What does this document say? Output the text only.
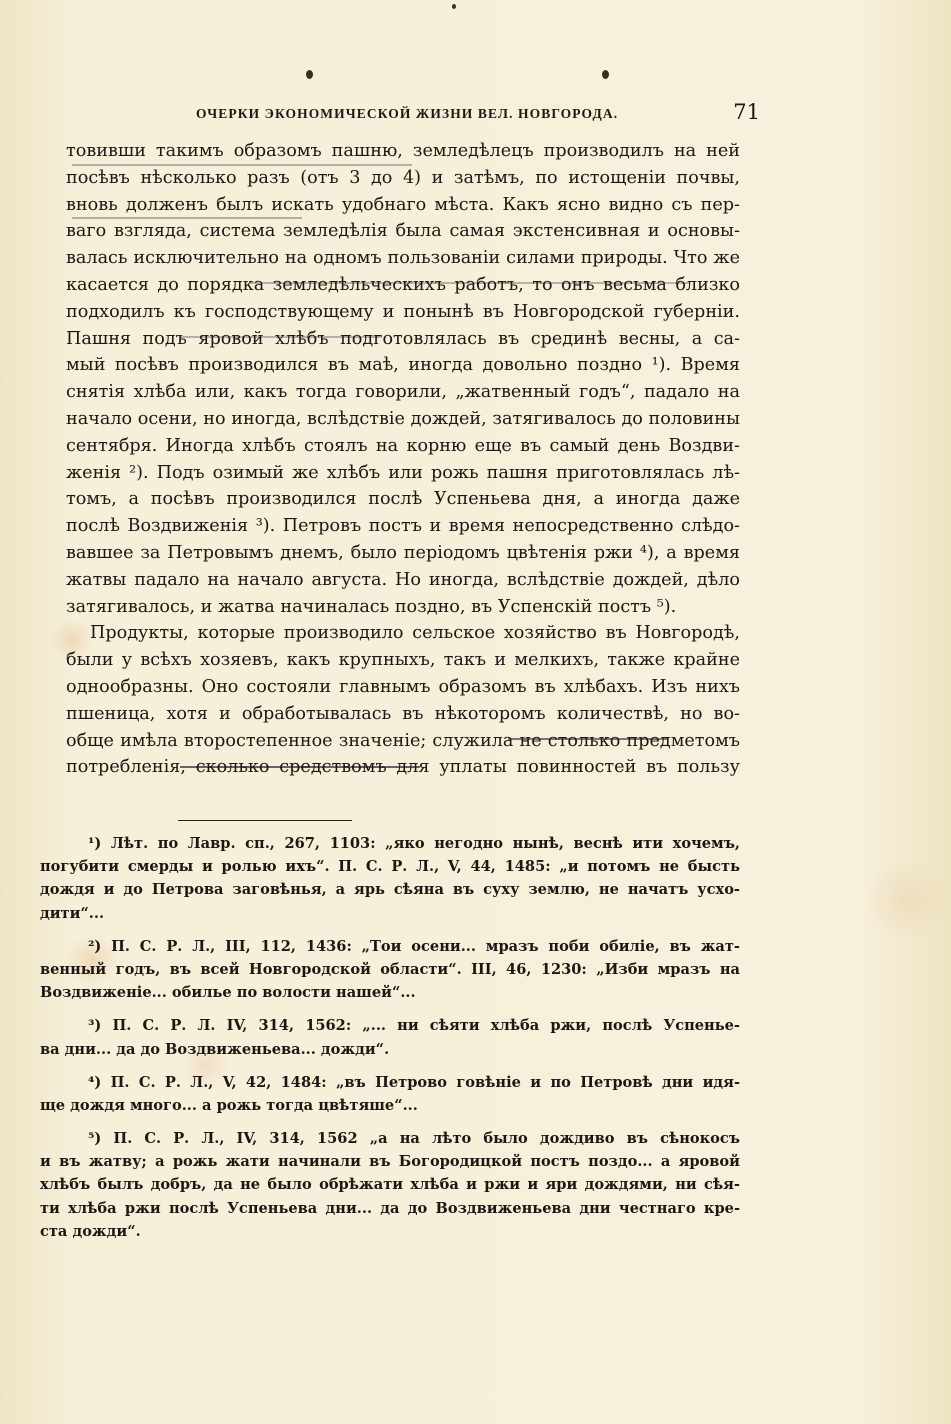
ОЧЕРКИ ЭКОНОМИЧЕСКОЙ ЖИЗНИ ВЕЛ. НОВГОРОДА.	71
товивши такимъ образомъ пашню, земледѣлецъ производилъ на ней
посѣвъ нѣсколько разъ (отъ 3 до 4) и затѣмъ, по истощеніи почвы,
вновь долженъ былъ искать удобнаго мѣста. Какъ ясно видно съ пер-
ваго взгляда, система земледѣлія была самая экстенсивная и основы-
валась исключительно на одномъ пользованіи силами природы. Что же
касается до порядка земледѣльческихъ работъ, то онъ весьма близко
подходилъ къ господствующему и понынѣ въ Новгородской губерніи.
Пашня подъ яровой хлѣбъ подготовлялась въ срединѣ весны, а са-
мый посѣвъ производился въ маѣ, иногда довольно поздно ¹). Время
снятія хлѣба или, какъ тогда говорили, „жатвенный годъ“, падало на
начало осени, но иногда, вслѣдствіе дождей, затягивалось до половины
сентября. Иногда хлѣбъ стоялъ на корню еще въ самый день Воздви-
женія ²). Подъ озимый же хлѣбъ или рожь пашня приготовлялась лѣ-
томъ, а посѣвъ производился послѣ Успеньева дня, а иногда даже
послѣ Воздвиженія ³). Петровъ постъ и время непосредственно слѣдо-
вавшее за Петровымъ днемъ, было періодомъ цвѣтенія ржи ⁴), а время
жатвы падало на начало августа. Но иногда, вслѣдствіе дождей, дѣло
затягивалось, и жатва начиналась поздно, въ Успенскій постъ ⁵).
Продукты, которые производило сельское хозяйство въ Новгородѣ,
были у всѣхъ хозяевъ, какъ крупныхъ, такъ и мелкихъ, также крайне
однообразны. Оно состояли главнымъ образомъ въ хлѣбахъ. Изъ нихъ
пшеница, хотя и обработывалась въ нѣкоторомъ количествѣ, но во-
обще имѣла второстепенное значеніе; служила не столько предметомъ
потребленія, сколько средствомъ для уплаты повинностей въ пользу
¹) Лѣт. по Лавр. сп., 267, 1103: „яко негодно нынѣ, веснѣ ити хочемъ,
погубити смерды и ролью ихъ“. П. С. Р. Л., V, 44, 1485: „и потомъ не бысть
дождя и до Петрова заговѣнья, а ярь сѣяна въ суху землю, не начатъ усхо-
дити“...
²) П. С. Р. Л., III, 112, 1436: „Тои осени... мразъ поби обиліе, въ жат-
венный годъ, въ всей Новгородской области“. III, 46, 1230: „Изби мразъ на
Воздвиженіе... обилье по волости нашей“...
³) П. С. Р. Л. IV, 314, 1562: „... ни сѣяти хлѣба ржи, послѣ Успенье-
ва дни... да до Воздвиженьева... дожди“.
⁴) П. С. Р. Л., V, 42, 1484: „въ Петрово говѣніе и по Петровѣ дни идя-
ще дождя много... а рожь тогда цвѣтяше“...
⁵) П. С. Р. Л., IV, 314, 1562 „а на лѣто было дождиво въ сѣнокосъ
и въ жатву; а рожь жати начинали въ Богородицкой постъ поздо... а яровой
хлѣбъ былъ добръ, да не было обрѣжати хлѣба и ржи и яри дождями, ни сѣя-
ти хлѣба ржи послѣ Успеньева дни... да до Воздвиженьева дни честнаго кре-
ста дожди“.
